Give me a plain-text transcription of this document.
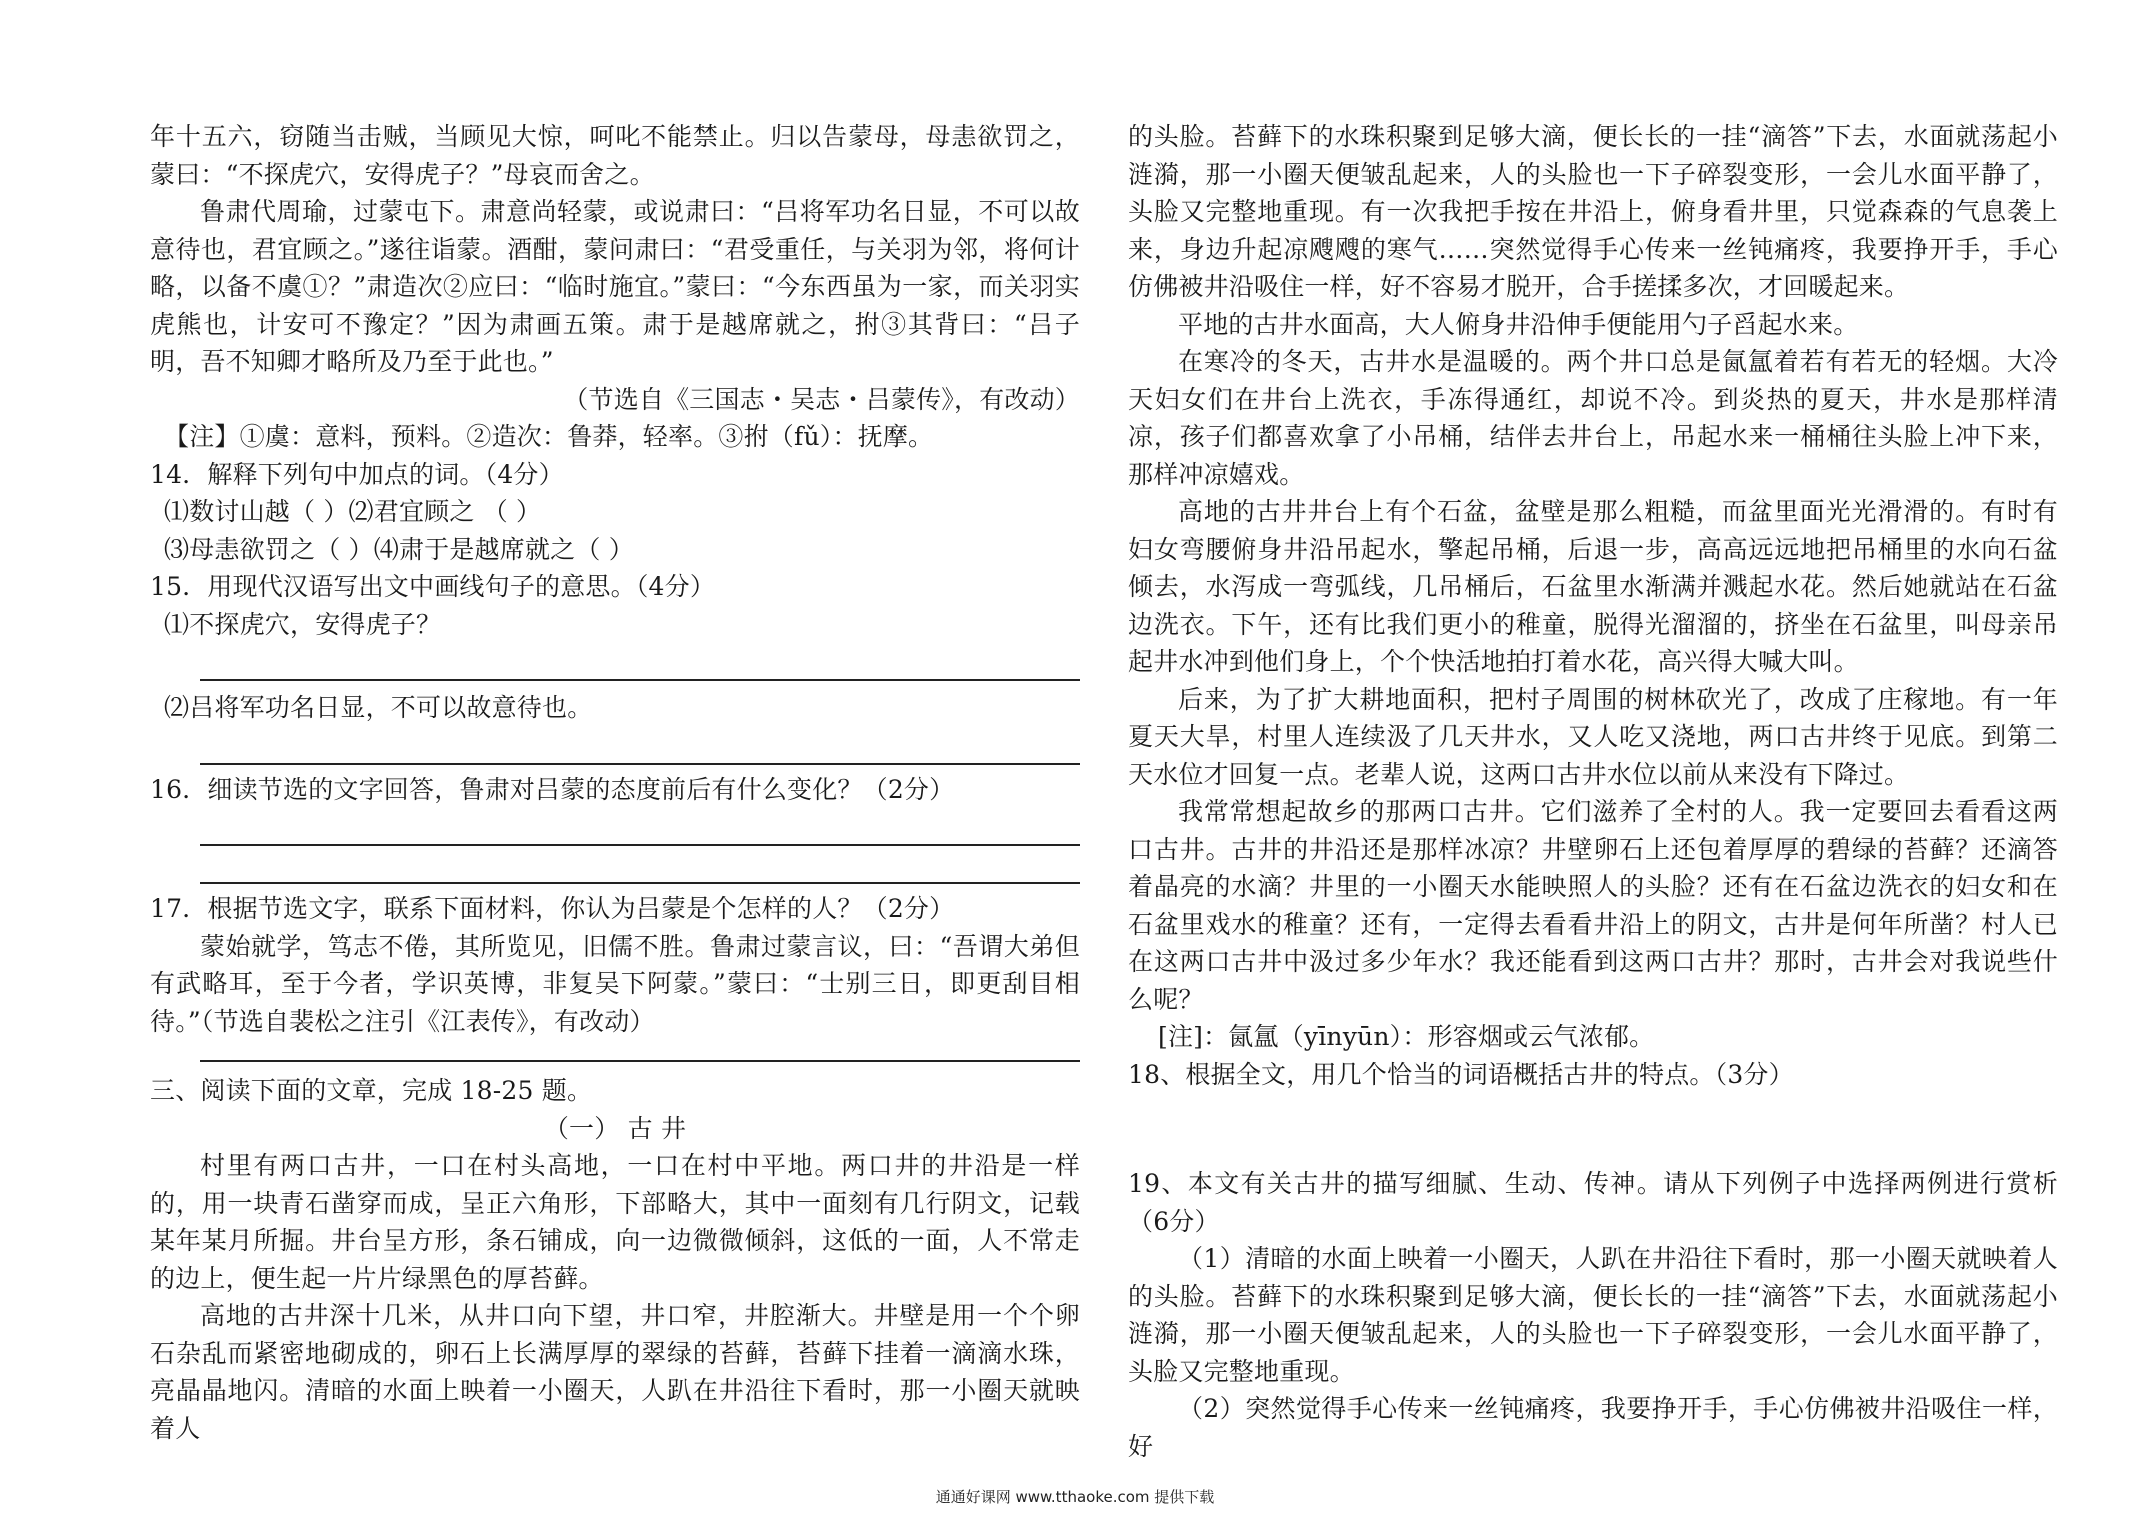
年十五六，窃随当击贼，当顾见大惊，呵叱不能禁止。归以告蒙母，母恚欲罚之，蒙曰：“不探虎穴，安得虎子？”母哀而舍之。

鲁肃代周瑜，过蒙屯下。肃意尚轻蒙，或说肃曰：“吕将军功名日显，不可以故意待也，君宜顾之。”遂往诣蒙。酒酣，蒙问肃曰：“君受重任，与关羽为邻，将何计略，以备不虞①？”肃造次②应曰：“临时施宜。”蒙曰：“今东西虽为一家，而关羽实虎熊也，计安可不豫定？”因为肃画五策。肃于是越席就之，拊③其背曰：“吕子明，吾不知卿才略所及乃至于此也。”

（节选自《三国志・吴志・吕蒙传》，有改动）

【注】①虞：意料，预料。②造次：鲁莽，轻率。③拊（fǔ）：抚摩。

14．解释下列句中加点的词。（4分）

⑴数讨山越（ ）⑵君宜顾之 （ ）

⑶母恚欲罚之（ ）⑷肃于是越席就之（ ）

15．用现代汉语写出文中画线句子的意思。（4分）

⑴不探虎穴，安得虎子？

⑵吕将军功名日显，不可以故意待也。

16．细读节选的文字回答，鲁肃对吕蒙的态度前后有什么变化？（2分）

17．根据节选文字，联系下面材料，你认为吕蒙是个怎样的人？（2分）

蒙始就学，笃志不倦，其所览见，旧儒不胜。鲁肃过蒙言议，曰：“吾谓大弟但有武略耳，至于今者，学识英博，非复吴下阿蒙。”蒙曰：“士别三日，即更刮目相待。”（节选自裴松之注引《江表传》，有改动）

三、阅读下面的文章，完成 18-25 题。

（一） 古 井

村里有两口古井，一口在村头高地，一口在村中平地。两口井的井沿是一样的，用一块青石凿穿而成，呈正六角形，下部略大，其中一面刻有几行阴文，记载某年某月所掘。井台呈方形，条石铺成，向一边微微倾斜，这低的一面，人不常走的边上，便生起一片片绿黑色的厚苔藓。

高地的古井深十几米，从井口向下望，井口窄，井腔渐大。井壁是用一个个卵石杂乱而紧密地砌成的，卵石上长满厚厚的翠绿的苔藓，苔藓下挂着一滴滴水珠，亮晶晶地闪。清暗的水面上映着一小圈天，人趴在井沿往下看时，那一小圈天就映着人

的头脸。苔藓下的水珠积聚到足够大滴，便长长的一挂“滴答”下去，水面就荡起小涟漪，那一小圈天便皱乱起来，人的头脸也一下子碎裂变形，一会儿水面平静了，头脸又完整地重现。有一次我把手按在井沿上，俯身看井里，只觉森森的气息袭上来，身边升起凉飕飕的寒气……突然觉得手心传来一丝钝痛疼，我要挣开手，手心仿佛被井沿吸住一样，好不容易才脱开，合手搓揉多次，才回暖起来。

平地的古井水面高，大人俯身井沿伸手便能用勺子舀起水来。

在寒冷的冬天，古井水是温暖的。两个井口总是氤氲着若有若无的轻烟。大冷天妇女们在井台上洗衣，手冻得通红，却说不冷。到炎热的夏天，井水是那样清凉，孩子们都喜欢拿了小吊桶，结伴去井台上，吊起水来一桶桶往头脸上冲下来，那样冲凉嬉戏。

高地的古井井台上有个石盆，盆壁是那么粗糙，而盆里面光光滑滑的。有时有妇女弯腰俯身井沿吊起水，擎起吊桶，后退一步，高高远远地把吊桶里的水向石盆倾去，水泻成一弯弧线，几吊桶后，石盆里水渐满并溅起水花。然后她就站在石盆边洗衣。下午，还有比我们更小的稚童，脱得光溜溜的，挤坐在石盆里，叫母亲吊起井水冲到他们身上，个个快活地拍打着水花，高兴得大喊大叫。

后来，为了扩大耕地面积，把村子周围的树林砍光了，改成了庄稼地。有一年夏天大旱，村里人连续汲了几天井水，又人吃又浇地，两口古井终于见底。到第二天水位才回复一点。老辈人说，这两口古井水位以前从来没有下降过。

我常常想起故乡的那两口古井。它们滋养了全村的人。我一定要回去看看这两口古井。古井的井沿还是那样冰凉？井壁卵石上还包着厚厚的碧绿的苔藓？还滴答着晶亮的水滴？井里的一小圈天水能映照人的头脸？还有在石盆边洗衣的妇女和在石盆里戏水的稚童？还有，一定得去看看井沿上的阴文，古井是何年所凿？村人已在这两口古井中汲过多少年水？我还能看到这两口古井？那时，古井会对我说些什么呢？

[注]：氤氲（yīnyūn）：形容烟或云气浓郁。

18、根据全文，用几个恰当的词语概括古井的特点。（3分）

19、本文有关古井的描写细腻、生动、传神。请从下列例子中选择两例进行赏析（6分）

（1）清暗的水面上映着一小圈天，人趴在井沿往下看时，那一小圈天就映着人的头脸。苔藓下的水珠积聚到足够大滴，便长长的一挂“滴答”下去，水面就荡起小涟漪，那一小圈天便皱乱起来，人的头脸也一下子碎裂变形，一会儿水面平静了，头脸又完整地重现。

（2）突然觉得手心传来一丝钝痛疼，我要挣开手，手心仿佛被井沿吸住一样，好

通通好课网 www.tthaoke.com 提供下载
